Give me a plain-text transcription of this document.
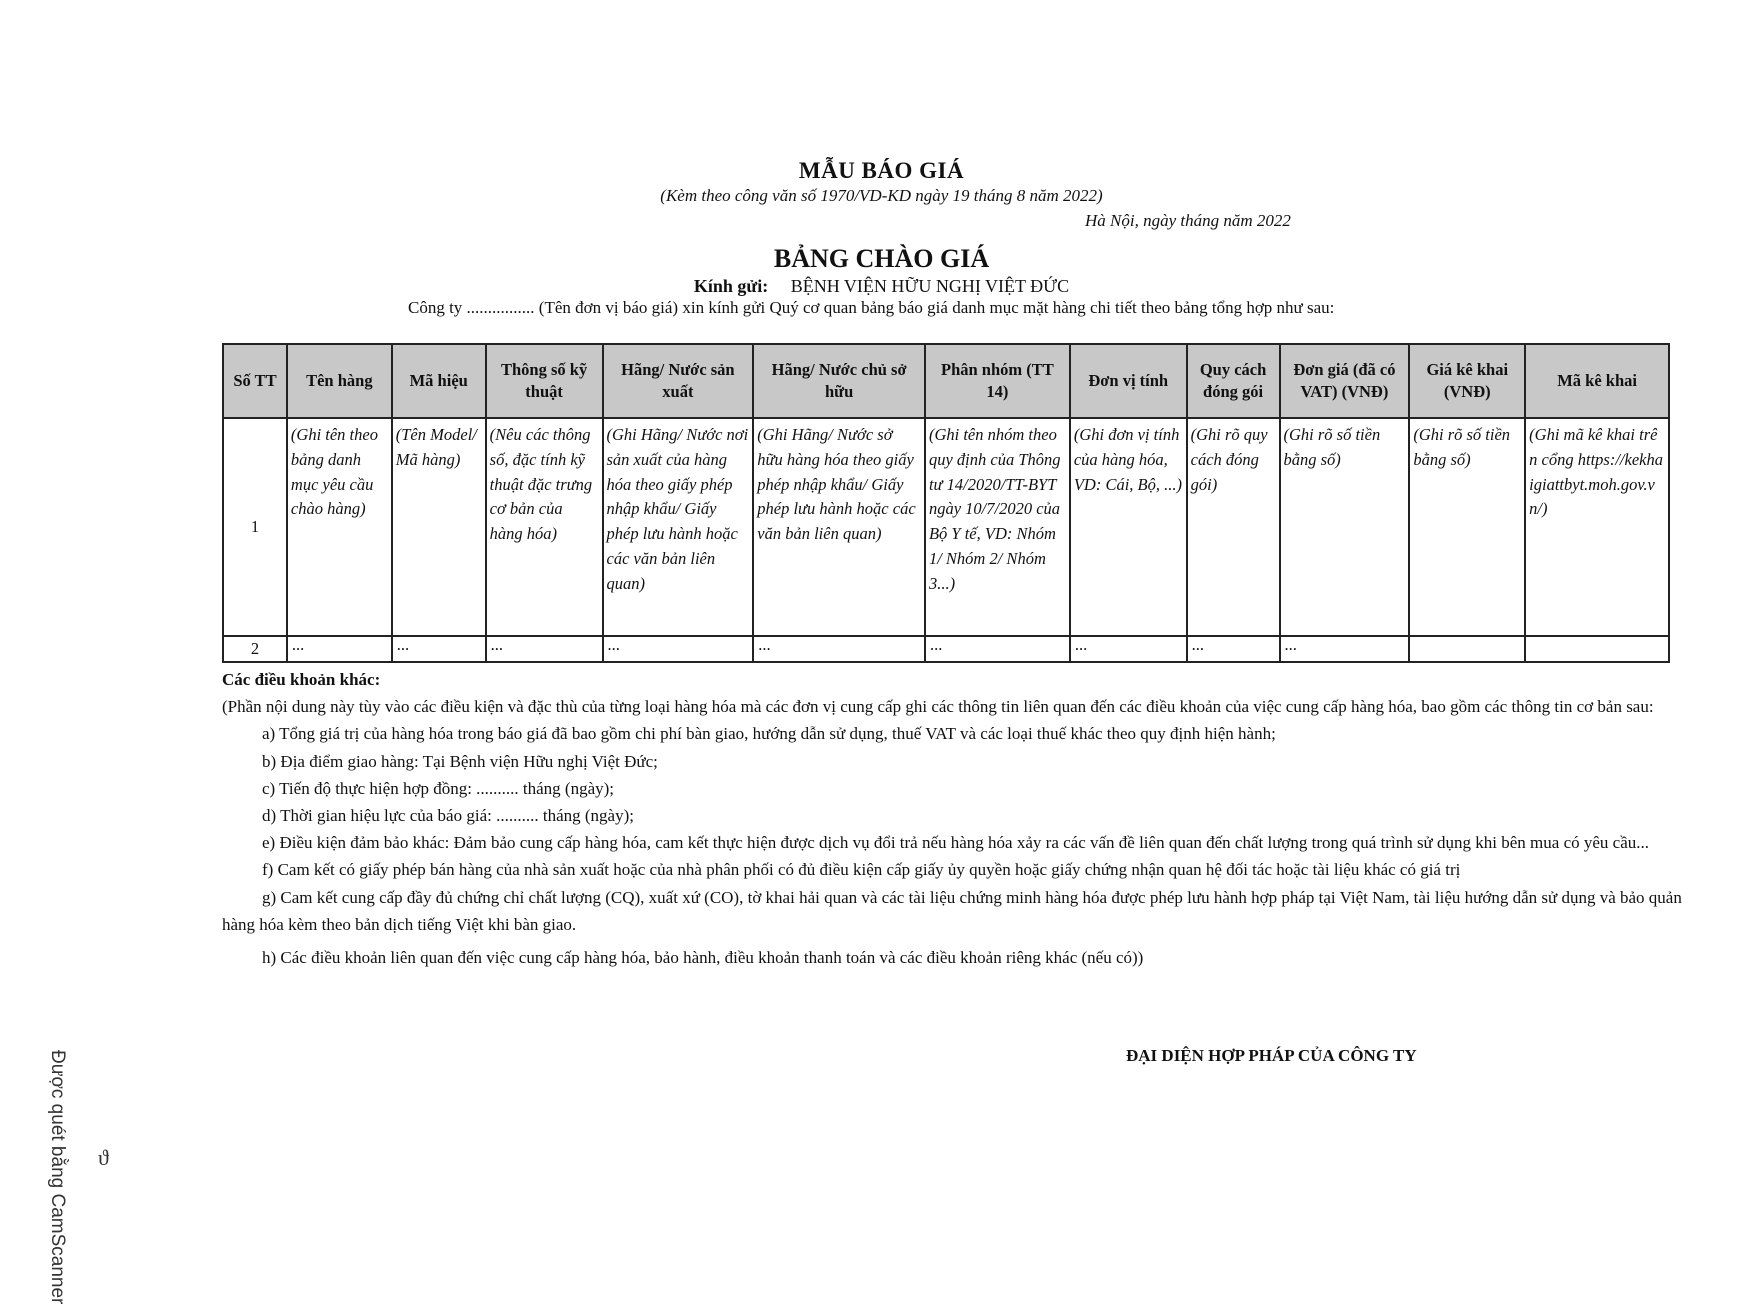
Được quét bằng CamScanner ϑ
MẪU BÁO GIÁ
(Kèm theo công văn số 1970/VD-KD ngày 19 tháng 8 năm 2022)
Hà Nội, ngày tháng năm 2022
BẢNG CHÀO GIÁ
Kính gửi: BỆNH VIỆN HỮU NGHỊ VIỆT ĐỨC
Công ty ................ (Tên đơn vị báo giá) xin kính gửi Quý cơ quan bảng báo giá danh mục mặt hàng chi tiết theo bảng tổng hợp như sau:
Số TT	Tên hàng	Mã hiệu	Thông số kỹ thuật	Hãng/ Nước sản xuất	Hãng/ Nước chủ sở hữu	Phân nhóm (TT 14)	Đơn vị tính	Quy cách đóng gói	Đơn giá (đã có VAT) (VNĐ)	Giá kê khai (VNĐ)	Mã kê khai
1	(Ghi tên theo bảng danh mục yêu cầu chào hàng)	(Tên Model/ Mã hàng)	(Nêu các thông số, đặc tính kỹ thuật đặc trưng cơ bản của hàng hóa)	(Ghi Hãng/ Nước nơi sản xuất của hàng hóa theo giấy phép nhập khẩu/ Giấy phép lưu hành hoặc các văn bản liên quan)	(Ghi Hãng/ Nước sở hữu hàng hóa theo giấy phép nhập khẩu/ Giấy phép lưu hành hoặc các văn bản liên quan)	(Ghi tên nhóm theo quy định của Thông tư 14/2020/TT-BYT ngày 10/7/2020 của Bộ Y tế, VD: Nhóm 1/ Nhóm 2/ Nhóm 3...)	(Ghi đơn vị tính của hàng hóa, VD: Cái, Bộ, ...)	(Ghi rõ quy cách đóng gói)	(Ghi rõ số tiền bằng số)	(Ghi rõ số tiền bằng số)	(Ghi mã kê khai trên cổng https://kekhaigiattbyt.moh.gov.vn/)
2	...	...	...	...	...	...	...	...	...		

Các điều khoản khác:

(Phần nội dung này tùy vào các điều kiện và đặc thù của từng loại hàng hóa mà các đơn vị cung cấp ghi các thông tin liên quan đến các điều khoản của việc cung cấp hàng hóa, bao gồm các thông tin cơ bản sau:

a) Tổng giá trị của hàng hóa trong báo giá đã bao gồm chi phí bàn giao, hướng dẫn sử dụng, thuế VAT và các loại thuế khác theo quy định hiện hành;

b) Địa điểm giao hàng: Tại Bệnh viện Hữu nghị Việt Đức;

c) Tiến độ thực hiện hợp đồng: .......... tháng (ngày);

d) Thời gian hiệu lực của báo giá: .......... tháng (ngày);

e) Điều kiện đảm bảo khác: Đảm bảo cung cấp hàng hóa, cam kết thực hiện được dịch vụ đổi trả nếu hàng hóa xảy ra các vấn đề liên quan đến chất lượng trong quá trình sử dụng khi bên mua có yêu cầu...

f) Cam kết có giấy phép bán hàng của nhà sản xuất hoặc của nhà phân phối có đủ điều kiện cấp giấy ủy quyền hoặc giấy chứng nhận quan hệ đối tác hoặc tài liệu khác có giá trị

g) Cam kết cung cấp đầy đủ chứng chỉ chất lượng (CQ), xuất xứ (CO), tờ khai hải quan và các tài liệu chứng minh hàng hóa được phép lưu hành hợp pháp tại Việt Nam, tài liệu hướng dẫn sử dụng và bảo quản hàng hóa kèm theo bản dịch tiếng Việt khi bàn giao.

h) Các điều khoản liên quan đến việc cung cấp hàng hóa, bảo hành, điều khoản thanh toán và các điều khoản riêng khác (nếu có))

ĐẠI DIỆN HỢP PHÁP CỦA CÔNG TY
